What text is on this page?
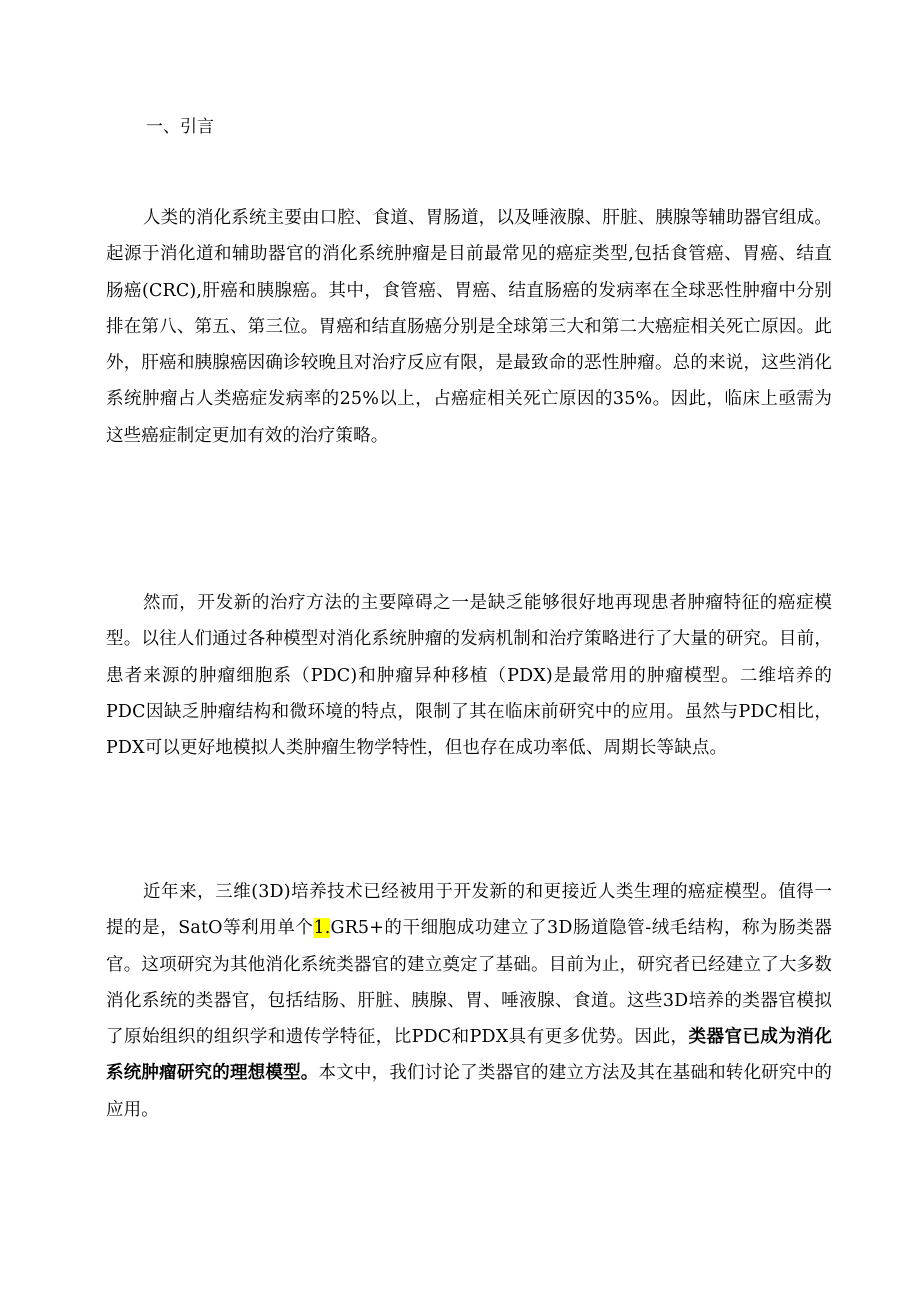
一、引言

人类的消化系统主要由口腔、食道、胃肠道，以及唾液腺、肝脏、胰腺等辅助器官组成。起源于消化道和辅助器官的消化系统肿瘤是目前最常见的癌症类型,包括食管癌、胃癌、结直肠癌(CRC),肝癌和胰腺癌。其中，食管癌、胃癌、结直肠癌的发病率在全球恶性肿瘤中分别排在第八、第五、第三位。胃癌和结直肠癌分别是全球第三大和第二大癌症相关死亡原因。此外，肝癌和胰腺癌因确诊较晚且对治疗反应有限，是最致命的恶性肿瘤。总的来说，这些消化系统肿瘤占人类癌症发病率的25%以上，占癌症相关死亡原因的35%。因此，临床上亟需为这些癌症制定更加有效的治疗策略。

然而，开发新的治疗方法的主要障碍之一是缺乏能够很好地再现患者肿瘤特征的癌症模型。以往人们通过各种模型对消化系统肿瘤的发病机制和治疗策略进行了大量的研究。目前，患者来源的肿瘤细胞系（PDC)和肿瘤异种移植（PDX)是最常用的肿瘤模型。二维培养的PDC因缺乏肿瘤结构和微环境的特点，限制了其在临床前研究中的应用。虽然与PDC相比，PDX可以更好地模拟人类肿瘤生物学特性，但也存在成功率低、周期长等缺点。

近年来，三维(3D)培养技术已经被用于开发新的和更接近人类生理的癌症模型。值得一提的是，SatO等利用单个1.GR5+的干细胞成功建立了3D肠道隐管-绒毛结构，称为肠类器官。这项研究为其他消化系统类器官的建立奠定了基础。目前为止，研究者已经建立了大多数消化系统的类器官，包括结肠、肝脏、胰腺、胃、唾液腺、食道。这些3D培养的类器官模拟了原始组织的组织学和遗传学特征，比PDC和PDX具有更多优势。因此，类器官已成为消化系统肿瘤研究的理想模型。本文中，我们讨论了类器官的建立方法及其在基础和转化研究中的应用。
